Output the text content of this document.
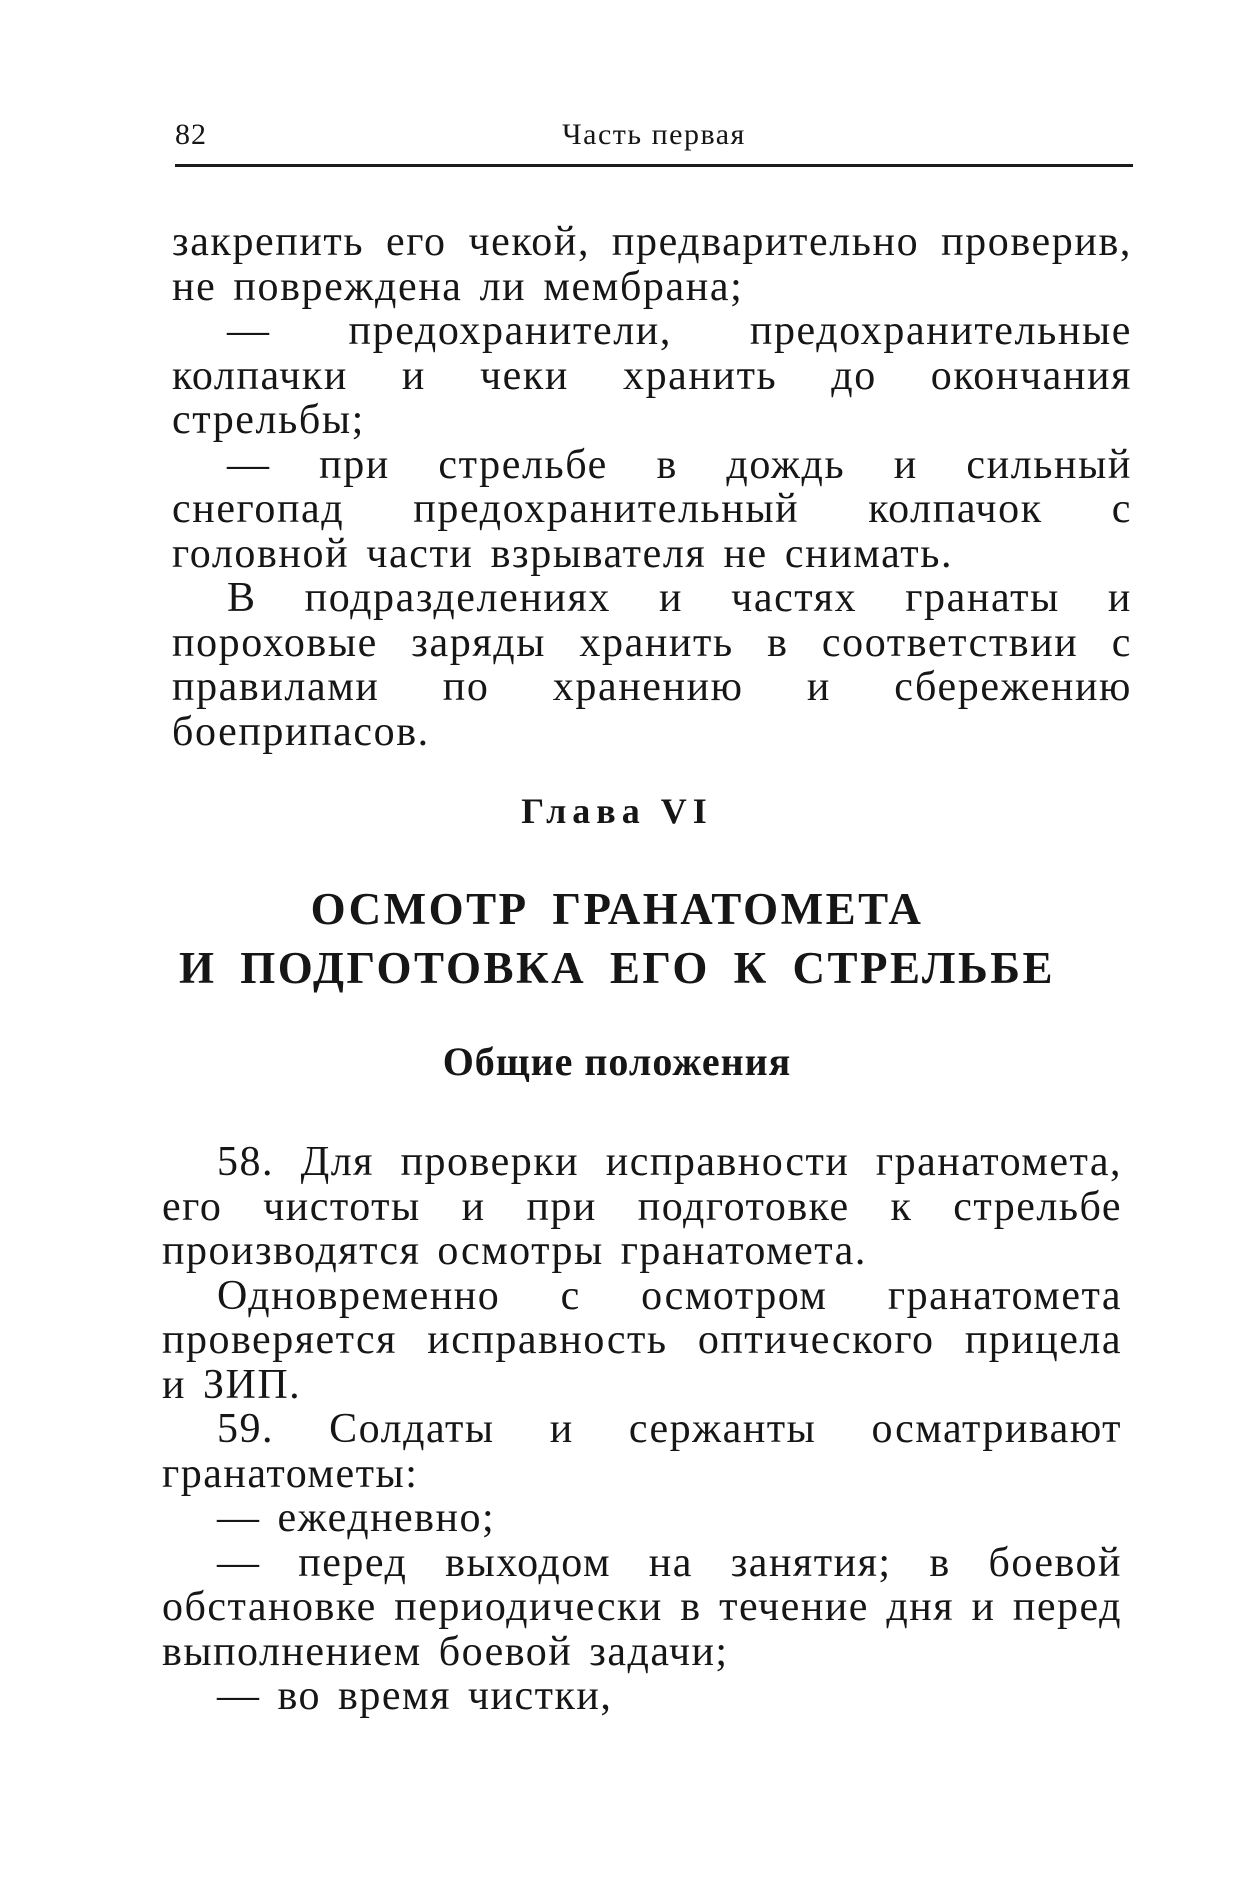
82	Часть первая

закрепить его чекой, предварительно проверив, не повреждена ли мембрана;

— предохранители, предохранительные колпачки и чеки хранить до окончания стрельбы;

— при стрельбе в дождь и сильный снегопад предохранительный колпачок с головной части взрывателя не снимать.

В подразделениях и частях гранаты и пороховые заряды хранить в соответствии с правилами по хранению и сбережению боеприпасов.

Глава VI
ОСМОТР ГРАНАТОМЕТА
И ПОДГОТОВКА ЕГО К СТРЕЛЬБЕ
Общие положения

58. Для проверки исправности гранатомета, его чистоты и при подготовке к стрельбе производятся осмотры гранатомета.

Одновременно с осмотром гранатомета проверяется исправность оптического прицела и ЗИП.

59. Солдаты и сержанты осматривают гранатометы:

— ежедневно;

— перед выходом на занятия; в боевой обстановке периодически в течение дня и перед выполнением боевой задачи;

— во время чистки,
